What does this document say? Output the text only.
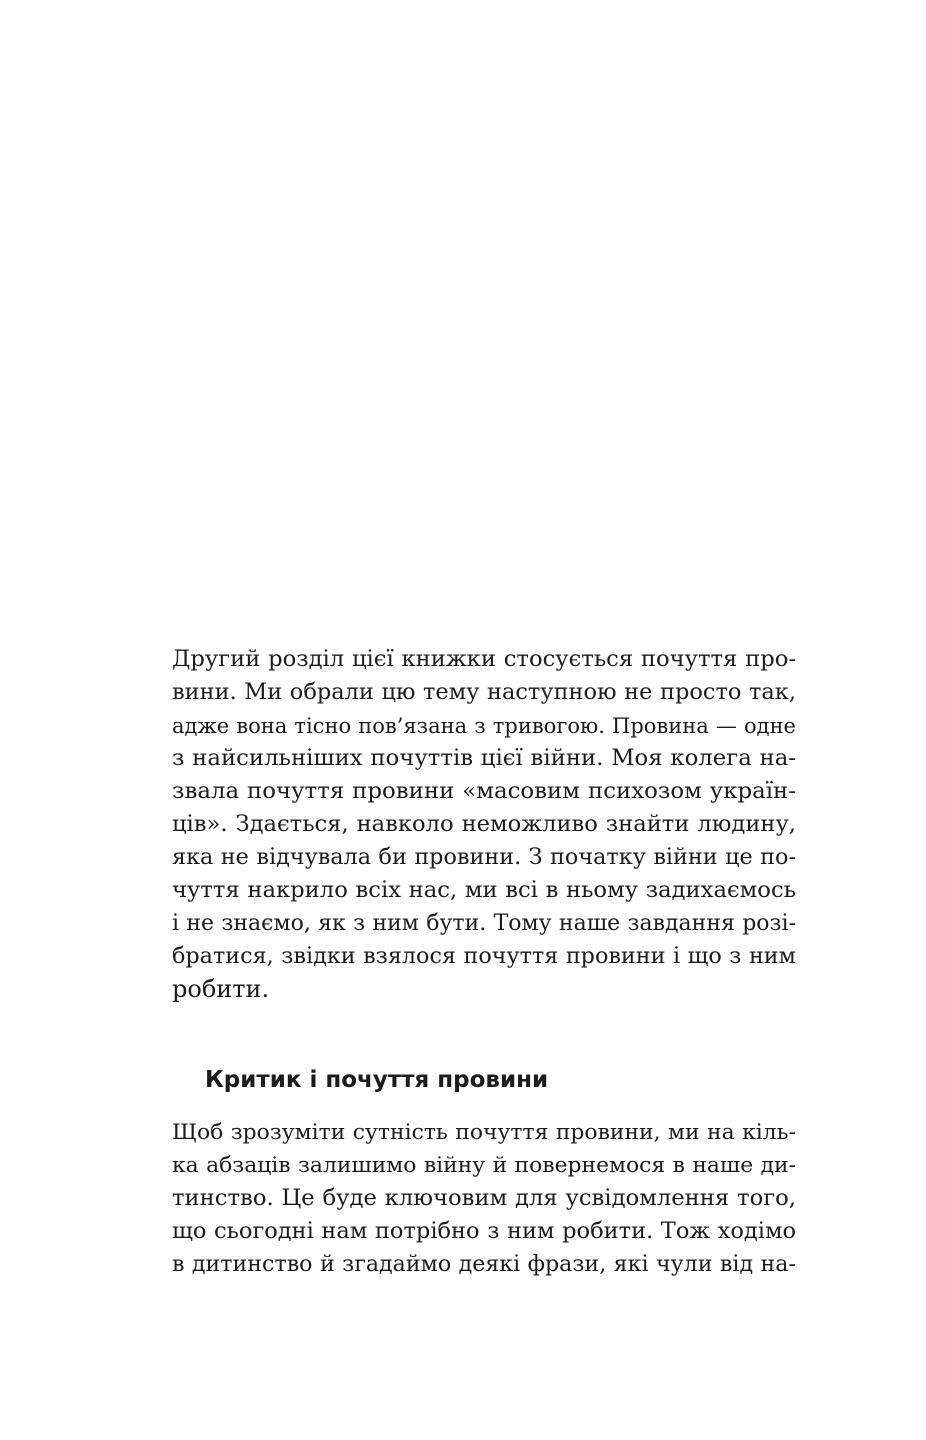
Другий розділ цієї книжки стосується почуття про-
вини. Ми обрали цю тему наступною не просто так,
адже вона тісно пов’язана з тривогою. Провина — одне
з найсильніших почуттів цієї війни. Моя колега на-
звала почуття провини «масовим психозом україн-
ців». Здається, навколо неможливо знайти людину,
яка не відчувала би провини. З початку війни це по-
чуття накрило всіх нас, ми всі в ньому задихаємось
і не знаємо, як з ним бути. Тому наше завдання розі-
братися, звідки взялося почуття провини і що з ним
робити.
Критик і почуття провини
Щоб зрозуміти сутність почуття провини, ми на кіль-
ка абзаців залишимо війну й повернемося в наше ди-
тинство. Це буде ключовим для усвідомлення того,
що сьогодні нам потрібно з ним робити. Тож ходімо
в дитинство й згадаймо деякі фрази, які чули від на-
